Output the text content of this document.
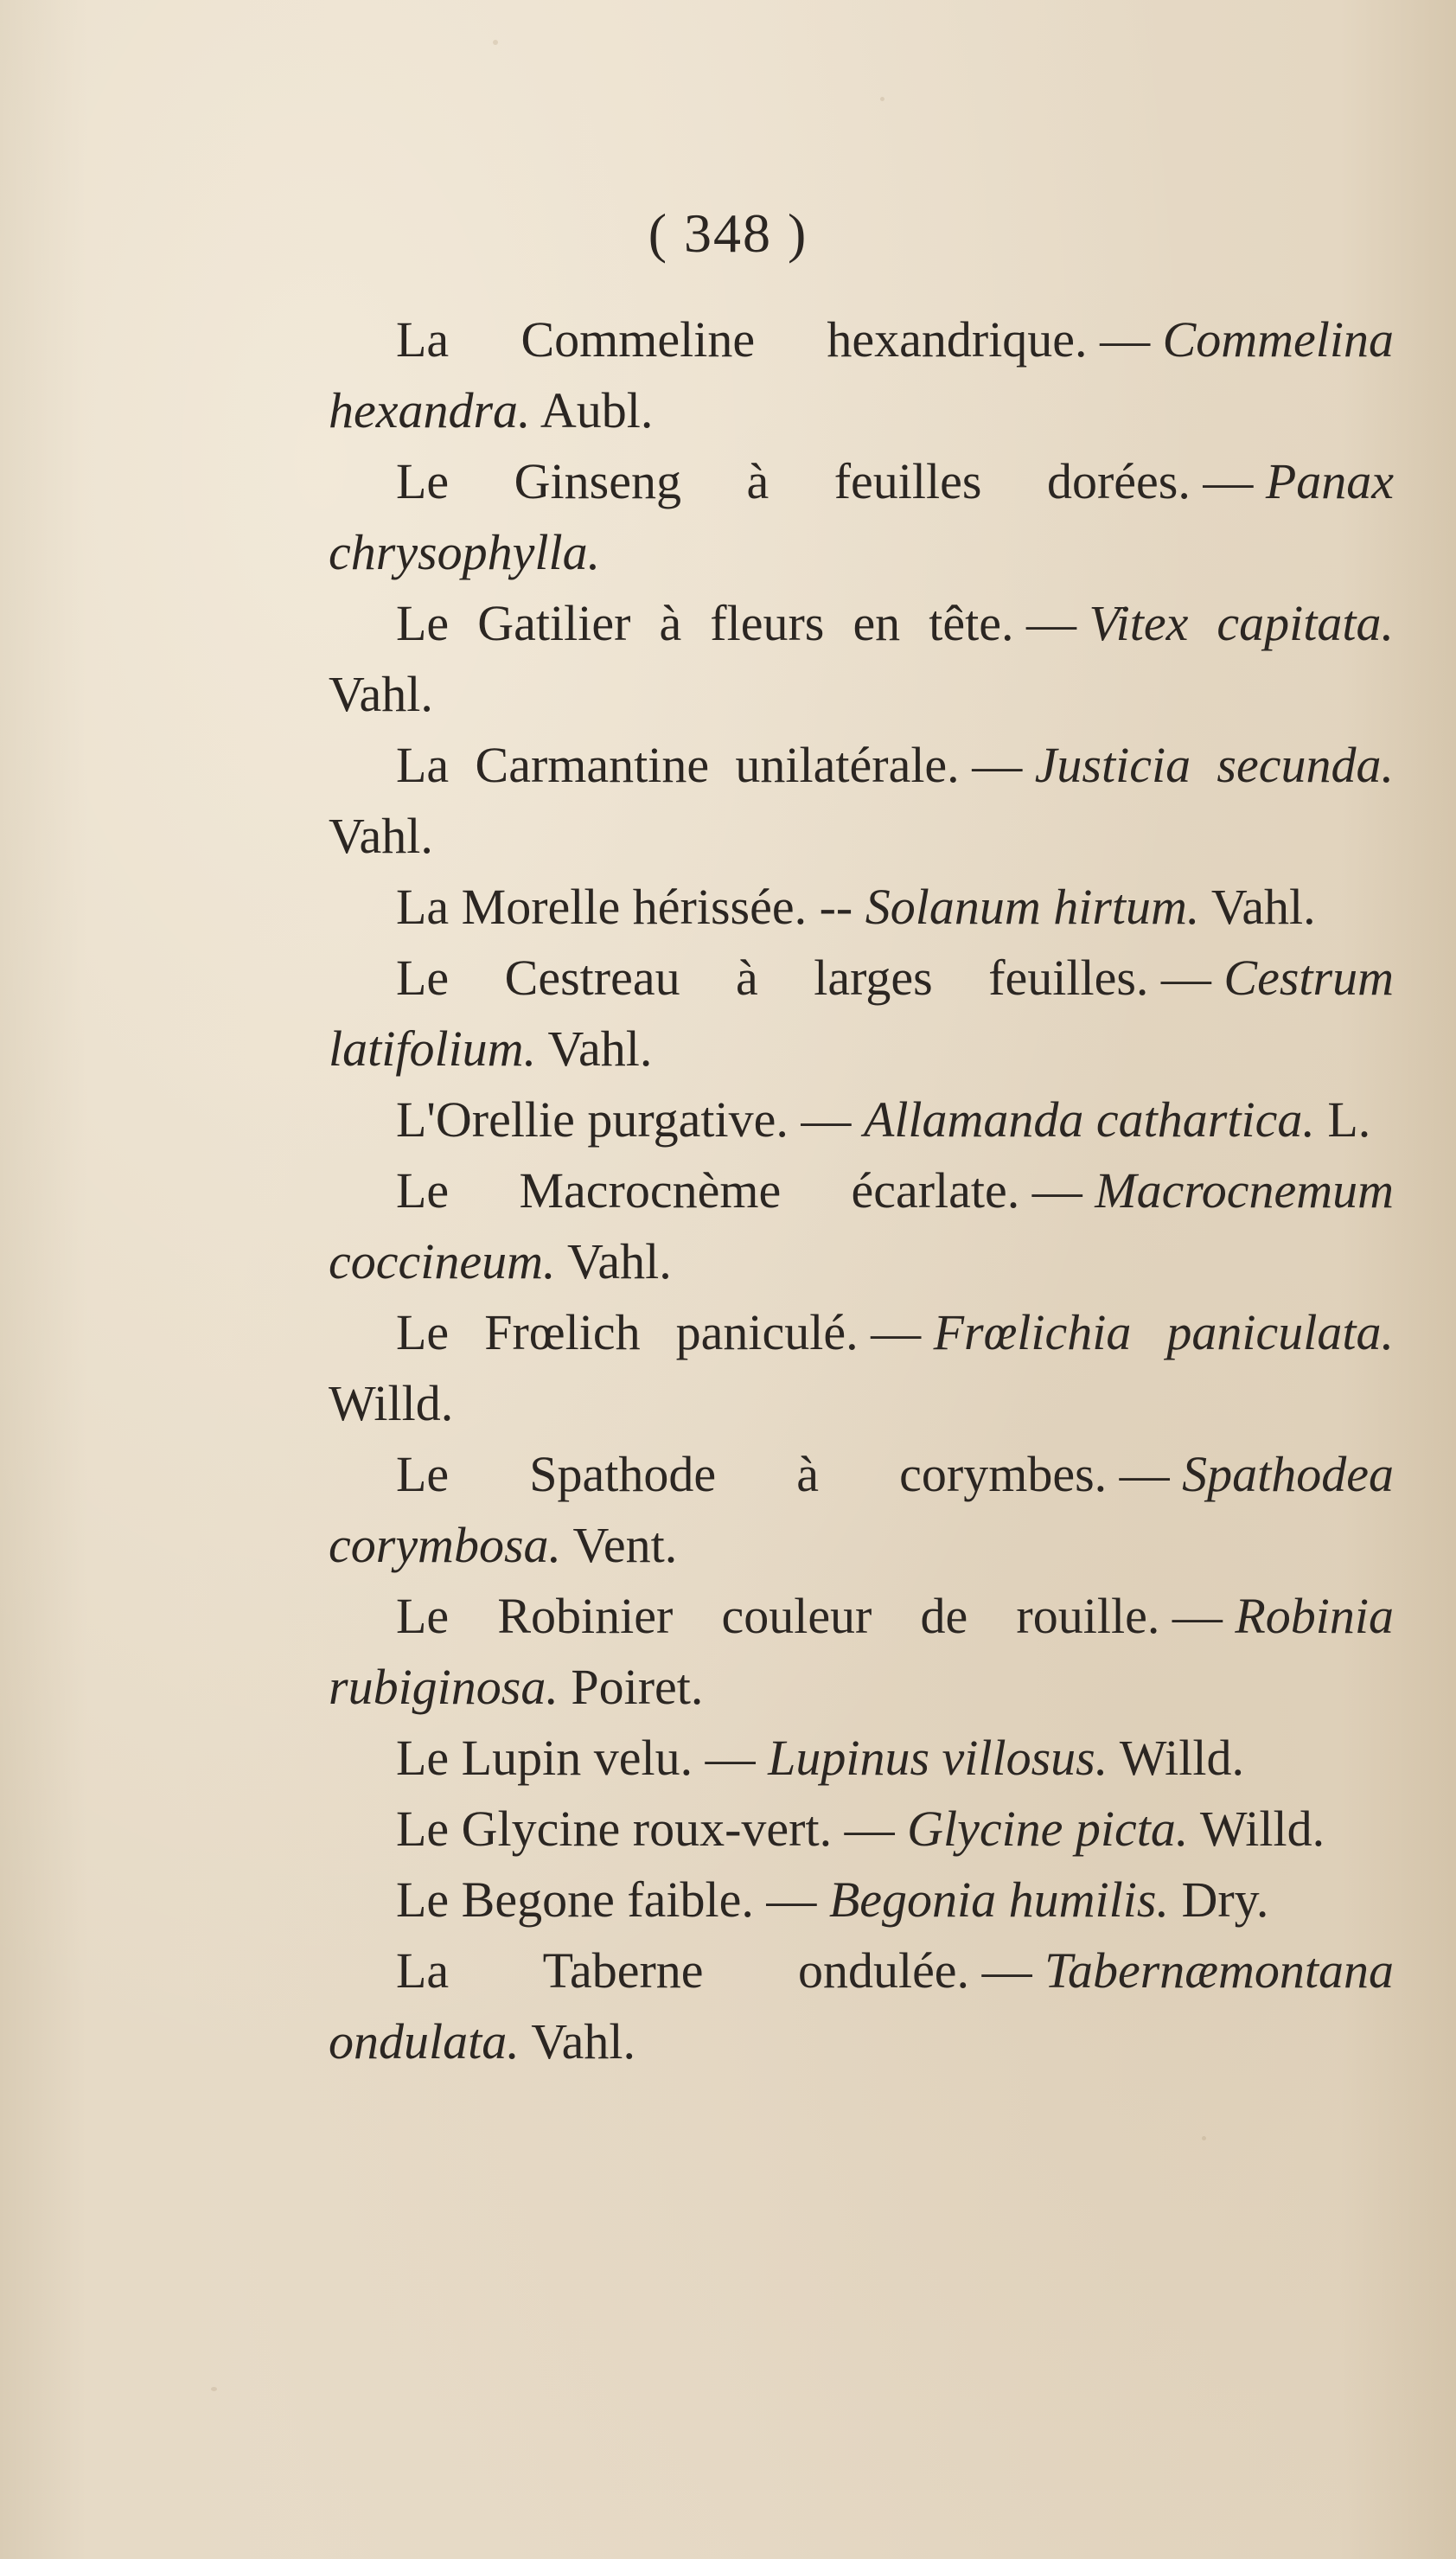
( 348 )
La Commeline hexandrique. — Commelina hexandra. Aubl.
Le Ginseng à feuilles dorées. — Panax chrysophylla.
Le Gatilier à fleurs en tête. — Vitex capitata. Vahl.
La Carmantine unilatérale. — Justicia secunda. Vahl.
La Morelle hérissée. -- Solanum hirtum. Vahl.
Le Cestreau à larges feuilles. — Cestrum latifolium. Vahl.
L'Orellie purgative. — Allamanda cathartica. L.
Le Macrocnème écarlate. — Macrocnemum coccineum. Vahl.
Le Frœlich paniculé. — Frœlichia paniculata. Willd.
Le Spathode à corymbes. — Spathodea corymbosa. Vent.
Le Robinier couleur de rouille. — Robinia rubiginosa. Poiret.
Le Lupin velu. — Lupinus villosus. Willd.
Le Glycine roux-vert. — Glycine picta. Willd.
Le Begone faible. — Begonia humilis. Dry.
La Taberne ondulée. — Tabernæmontana ondulata. Vahl.
